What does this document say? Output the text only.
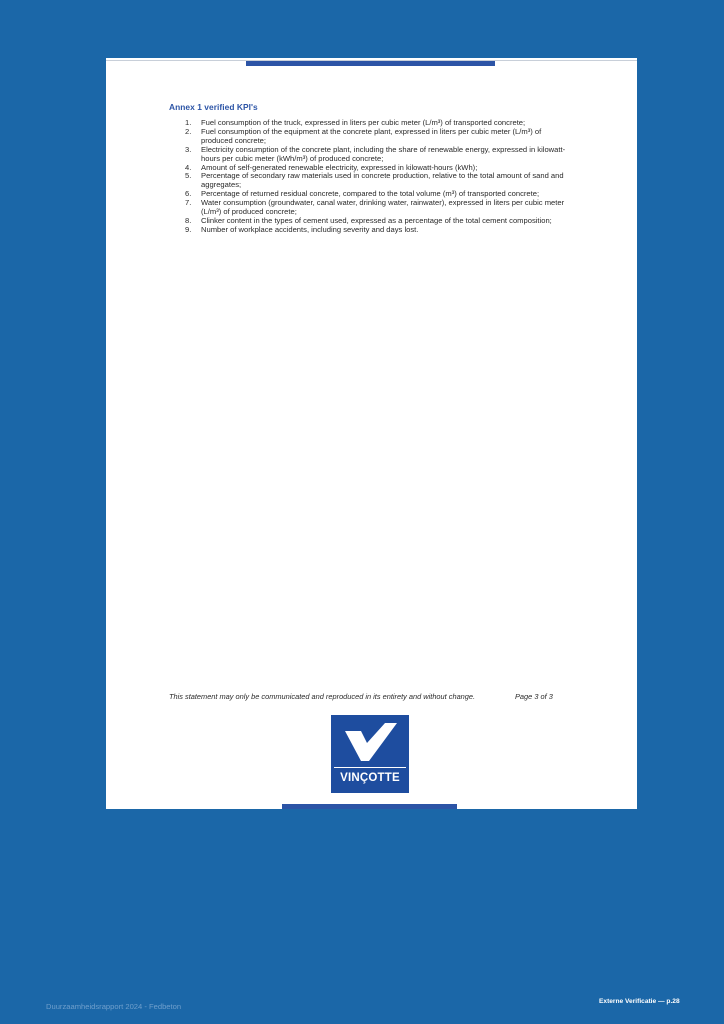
Annex 1 verified KPI's
1. Fuel consumption of the truck, expressed in liters per cubic meter (L/m³) of transported concrete;
2. Fuel consumption of the equipment at the concrete plant, expressed in liters per cubic meter (L/m³) of produced concrete;
3. Electricity consumption of the concrete plant, including the share of renewable energy, expressed in kilowatt-hours per cubic meter (kWh/m³) of produced concrete;
4. Amount of self-generated renewable electricity, expressed in kilowatt-hours (kWh);
5. Percentage of secondary raw materials used in concrete production, relative to the total amount of sand and aggregates;
6. Percentage of returned residual concrete, compared to the total volume (m³) of transported concrete;
7. Water consumption (groundwater, canal water, drinking water, rainwater), expressed in liters per cubic meter (L/m³) of produced concrete;
8. Clinker content in the types of cement used, expressed as a percentage of the total cement composition;
9. Number of workplace accidents, including severity and days lost.
This statement may only be communicated and reproduced in its entirety and without change.	Page 3 of 3
VINÇOTTE
Duurzaamheidsrapport 2024 - Fedbeton
Externe Verificatie — p.28
